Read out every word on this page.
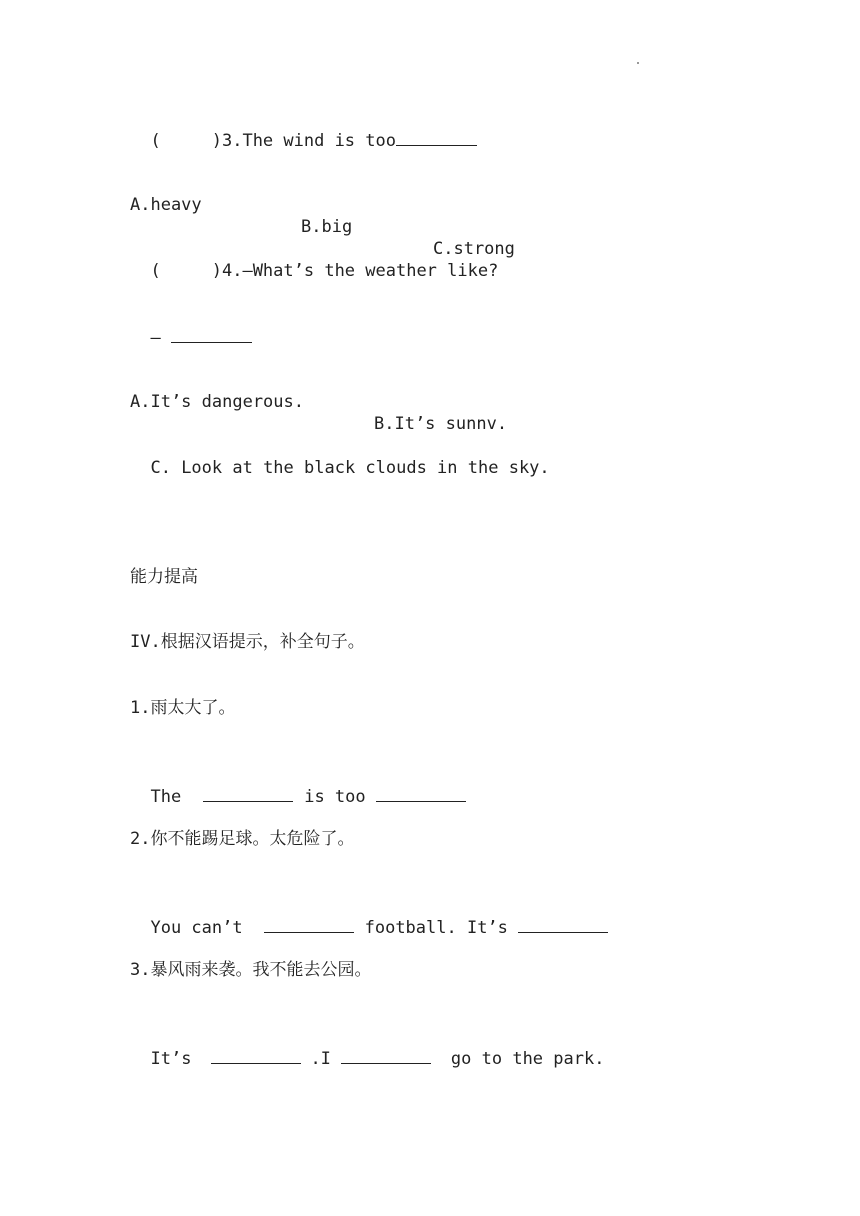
(	)3.The wind is too

A.heavy

B.big

C.strong

(	)4.—What’s the weather like?

—

A.It’s dangerous.

B.It’s sunnv.

C. Look at the black clouds in the sky.

能力提高
IV.根据汉语提示，补全句子。
1.雨太大了。

The	is too

2.你不能踢足球。太危险了。

You can’t	football. It’s

3.暴风雨来袭。我不能去公园。

It’s	.I	go to the park.
